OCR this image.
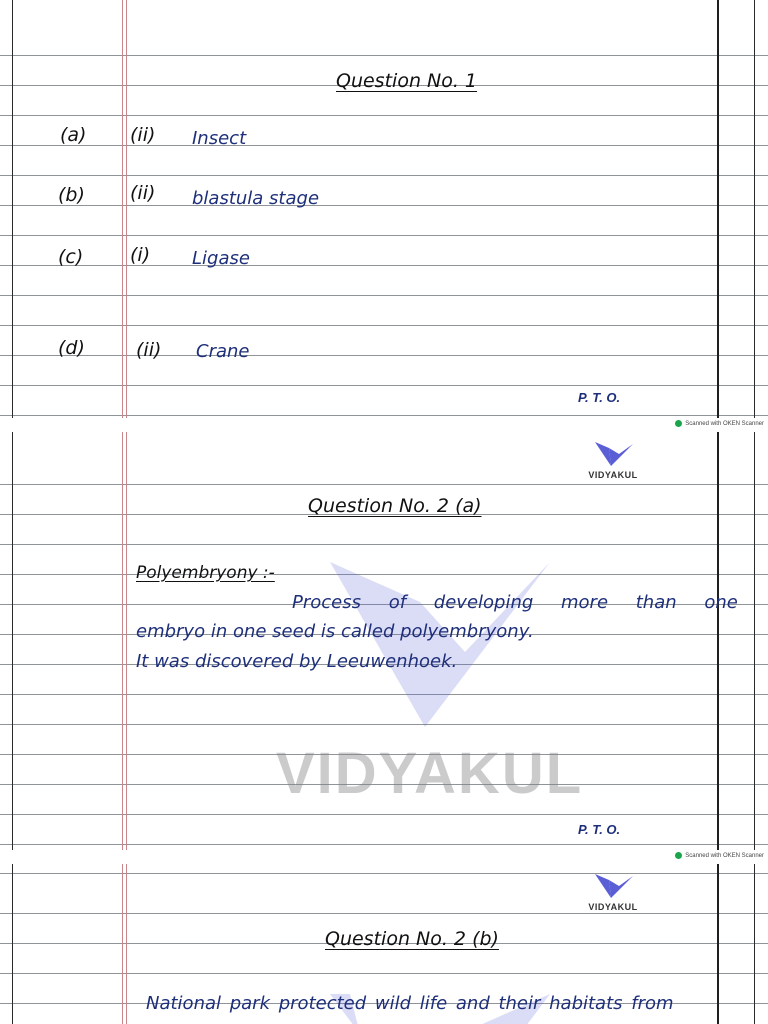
Question No. 1
(a) (ii) Insect
(b) (ii) blastula stage
(c) (i) Ligase
(d)	(ii) Crane
P. T. O.
Scanned with OKEN Scanner
VIDYAKUL
VIDYAKUL
Question No. 2 (a)
Polyembryony :-
Process of developing more than one
embryo in one seed is called polyembryony.
It was discovered by Leeuwenhoek.
P. T. O.
Scanned with OKEN Scanner
VIDYAKUL
Question No. 2 (b)
National park protected wild life and their habitats from
